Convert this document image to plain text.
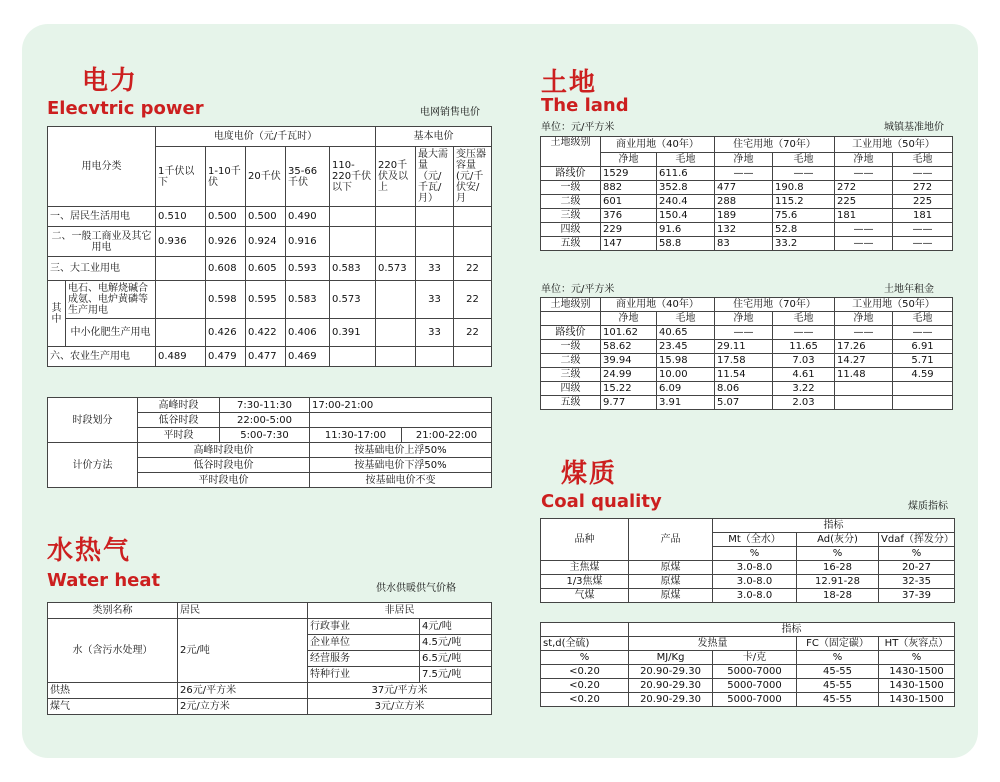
电力
Elecvtric power	电网销售电价
用电分类		电度电价（元/千瓦时）					基本电价		
		1千伏以下	1-10千伏	20千伏	35-66千伏	110-220千伏以下	220千伏及以上	最大需量（元/千瓦/月）	变压器容量(元/千伏安/月
一、居民生活用电		0.510	0.500	0.500	0.490				
二、一般工商业及其它用电		0.936	0.926	0.924	0.916				
三、大工业用电			0.608	0.605	0.593	0.583	0.573	33	22
其中	电石、电解烧碱合成氨、电炉黄磷等生产用电		0.598	0.595	0.583	0.573		33	22
	中小化肥生产用电		0.426	0.422	0.406	0.391		33	22
六、农业生产用电		0.489	0.479	0.477	0.469				
时段划分	高峰时段	7:30-11:30	17:00-21:00	
	低谷时段	22:00-5:00		
	平时段	5:00-7:30	11:30-17:00	21:00-22:00
计价方法	高峰时段电价		按基础电价上浮50%	
	低谷时段电价		按基础电价下浮50%	
	平时段电价		按基础电价不变	
水热气
Water heat	供水供暖供气价格
类别名称	居民	非居民	
水（含污水处理）	2元/吨	行政事业	4元/吨
		企业单位	4.5元/吨
		经营服务	6.5元/吨
		特种行业	7.5元/吨
供热	26元/平方米	37元/平方米	
煤气	2元/立方米	3元/立方米	
土地
The land
单位：元/平方米	城镇基准地价
土地级别	商业用地（40年）		住宅用地（70年）		工业用地（50年）	
	净地	毛地	净地	毛地	净地	毛地
路线价	1529	611.6	——	——	——	——
一级	882	352.8	477	190.8	272	272
二级	601	240.4	288	115.2	225	225
三级	376	150.4	189	75.6	181	181
四级	229	91.6	132	52.8	——	——
五级	147	58.8	83	33.2	——	——
单位：元/平方米	土地年租金
土地级别	商业用地（40年）		住宅用地（70年）		工业用地（50年）	
	净地	毛地	净地	毛地	净地	毛地
路线价	101.62	40.65	——	——	——	——
一级	58.62	23.45	29.11	11.65	17.26	6.91
二级	39.94	15.98	17.58	7.03	14.27	5.71
三级	24.99	10.00	11.54	4.61	11.48	4.59
四级	15.22	6.09	8.06	3.22		
五级	9.77	3.91	5.07	2.03		
煤质
Coal quality	煤质指标
品种	产品	指标		
		Mt（全水）	Ad(灰分)	Vdaf（挥发分）
		%	%	%
主焦煤	原煤	3.0-8.0	16-28	20-27
1/3焦煤	原煤	3.0-8.0	12.91-28	32-35
气煤	原煤	3.0-8.0	18-28	37-39
	指标			
st,d(全硫)	发热量		FC（固定碳）	HT（灰容点）
%	MJ/Kg	卡/克	%	%
<0.20	20.90-29.30	5000-7000	45-55	1430-1500
<0.20	20.90-29.30	5000-7000	45-55	1430-1500
<0.20	20.90-29.30	5000-7000	45-55	1430-1500
